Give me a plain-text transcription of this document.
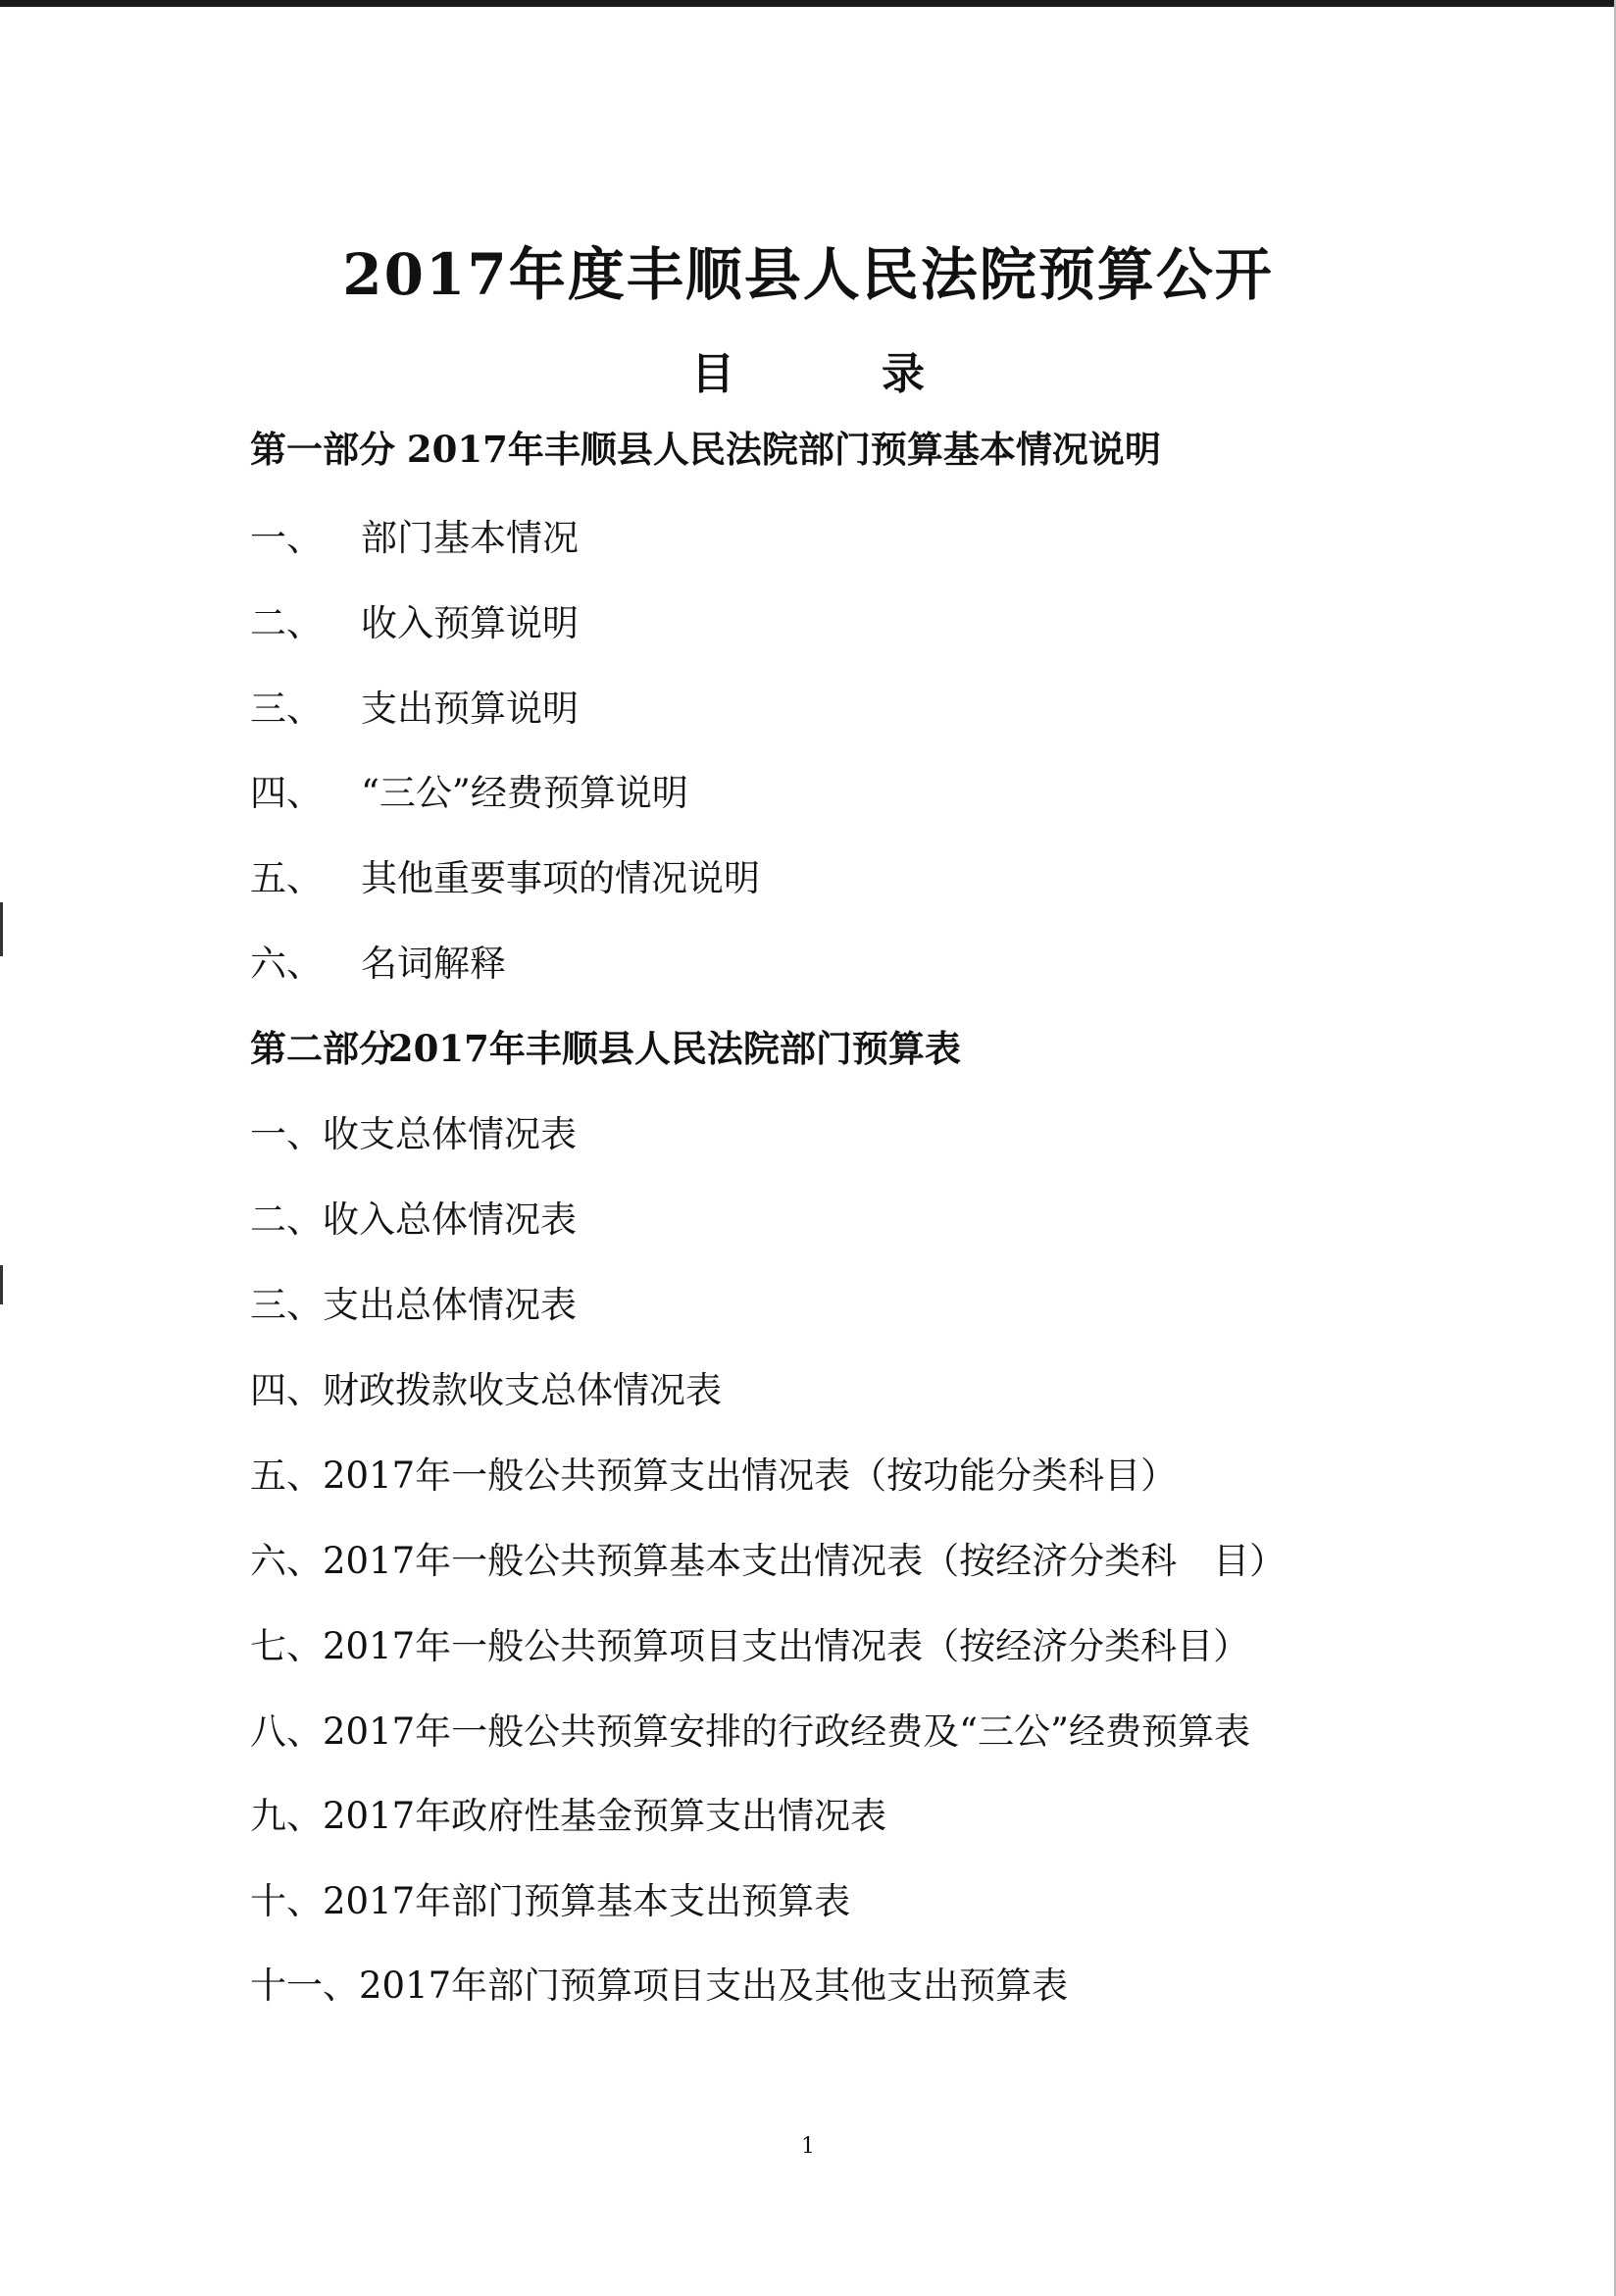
2017年度丰顺县人民法院预算公开
目	录
第一部分 2017年丰顺县人民法院部门预算基本情况说明
一、 部门基本情况
二、 收入预算说明
三、 支出预算说明
四、 “三公”经费预算说明
五、 其他重要事项的情况说明
六、 名词解释
第二部分 2017年丰顺县人民法院部门预算表
一、收支总体情况表
二、收入总体情况表
三、支出总体情况表
四、财政拨款收支总体情况表
五、2017年一般公共预算支出情况表（按功能分类科目）
六、2017年一般公共预算基本支出情况表（按经济分类科　目）
七、2017年一般公共预算项目支出情况表（按经济分类科目）
八、2017年一般公共预算安排的行政经费及“三公”经费预算表
九、2017年政府性基金预算支出情况表
十、2017年部门预算基本支出预算表
十一、2017年部门预算项目支出及其他支出预算表
1
